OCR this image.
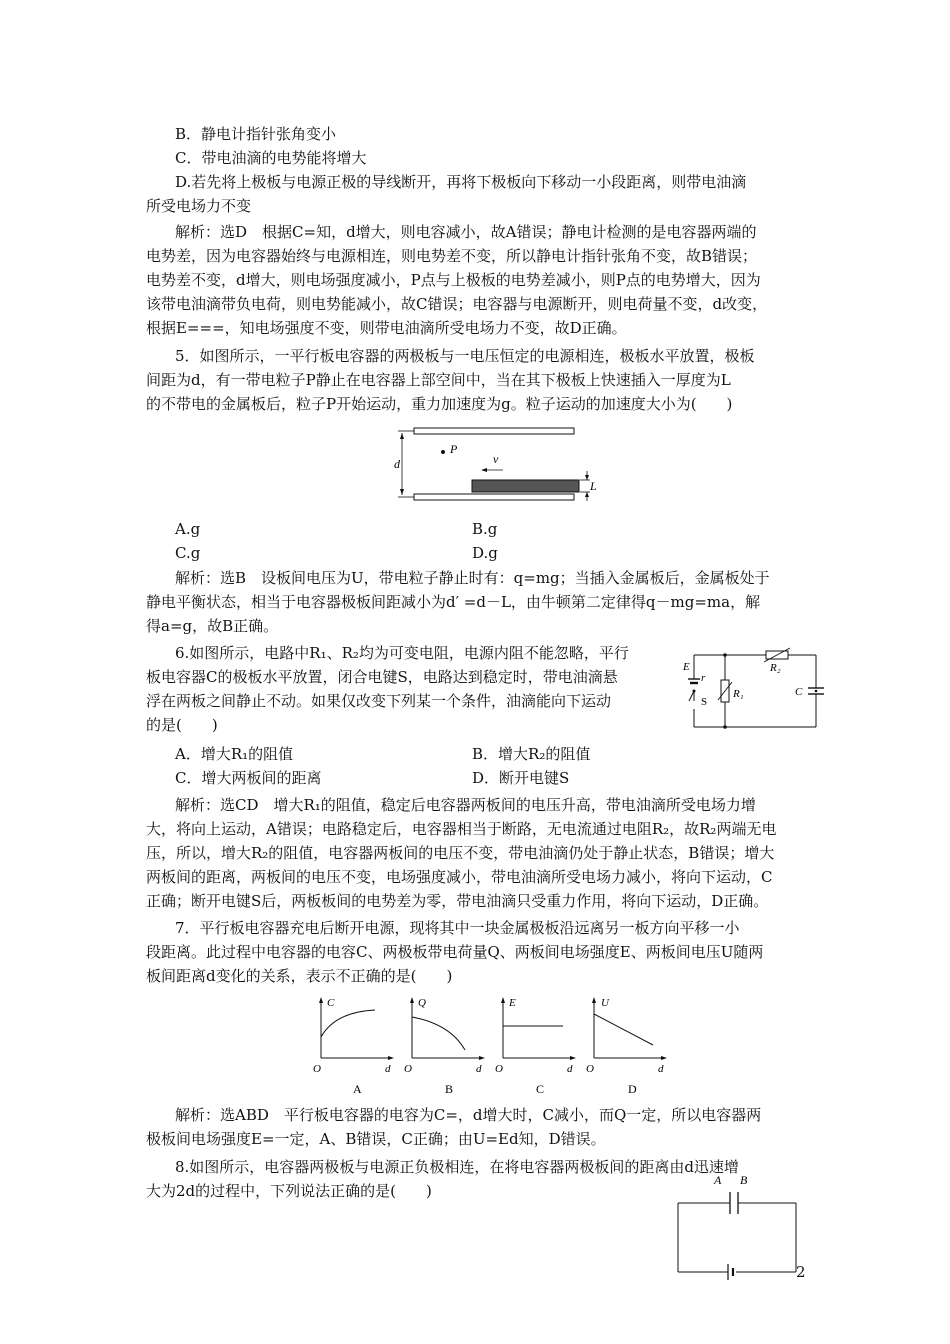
B．静电计指针张角变小
C．带电油滴的电势能将增大
D.若先将上极板与电源正极的导线断开，再将下极板向下移动一小段距离，则带电油滴
所受电场力不变
解析：选D　根据C=知，d增大，则电容减小，故A错误；静电计检测的是电容器两端的
电势差，因为电容器始终与电源相连，则电势差不变，所以静电计指针张角不变，故B错误；
电势差不变，d增大，则电场强度减小，P点与上极板的电势差减小，则P点的电势增大，因为
该带电油滴带负电荷，则电势能减小，故C错误；电容器与电源断开，则电荷量不变，d改变，
根据E===，知电场强度不变，则带电油滴所受电场力不变，故D正确。
5．如图所示，一平行板电容器的两极板与一电压恒定的电源相连，极板水平放置，极板
间距为d，有一带电粒子P静止在电容器上部空间中，当在其下极板上快速插入一厚度为L
的不带电的金属板后，粒子P开始运动，重力加速度为g。粒子运动的加速度大小为(　　)
d
P
v
L
A.g	B.g
C.g	D.g
解析：选B　设板间电压为U，带电粒子静止时有：q=mg；当插入金属板后，金属板处于
静电平衡状态，相当于电容器极板间距减小为d′ =d－L，由牛顿第二定律得q－mg=ma，解
得a=g，故B正确。
6.如图所示，电路中R₁、R₂均为可变电阻，电源内阻不能忽略，平行
板电容器C的极板水平放置，闭合电键S，电路达到稳定时，带电油滴悬
浮在两板之间静止不动。如果仅改变下列某一个条件，油滴能向下运动
的是(　　)
E
r
S
R₁
R₂
C
A．增大R₁的阻值	B．增大R₂的阻值
C．增大两板间的距离	D．断开电键S
解析：选CD　增大R₁的阻值，稳定后电容器两板间的电压升高，带电油滴所受电场力增
大，将向上运动，A错误；电路稳定后，电容器相当于断路，无电流通过电阻R₂，故R₂两端无电
压，所以，增大R₂的阻值，电容器两板间的电压不变，带电油滴仍处于静止状态，B错误；增大
两板间的距离，两板间的电压不变，电场强度减小，带电油滴所受电场力减小，将向下运动，C
正确；断开电键S后，两板板间的电势差为零，带电油滴只受重力作用，将向下运动，D正确。
7．平行板电容器充电后断开电源，现将其中一块金属极板沿远离另一板方向平移一小
段距离。此过程中电容器的电容C、两极板带电荷量Q、两板间电场强度E、两板间电压U随两
板间距离d变化的关系，表示不正确的是(　　)
C
d
O
A
Q
d
O
B
E
d
O
C
U
d
O
D
解析：选ABD　平行板电容器的电容为C=，d增大时，C减小，而Q一定，所以电容器两
极板间电场强度E=一定，A、B错误，C正确；由U=Ed知，D错误。
8.如图所示，电容器两极板与电源正负极相连，在将电容器两极板间的距离由d迅速增
大为2d的过程中，下列说法正确的是(　　)
A B
2
